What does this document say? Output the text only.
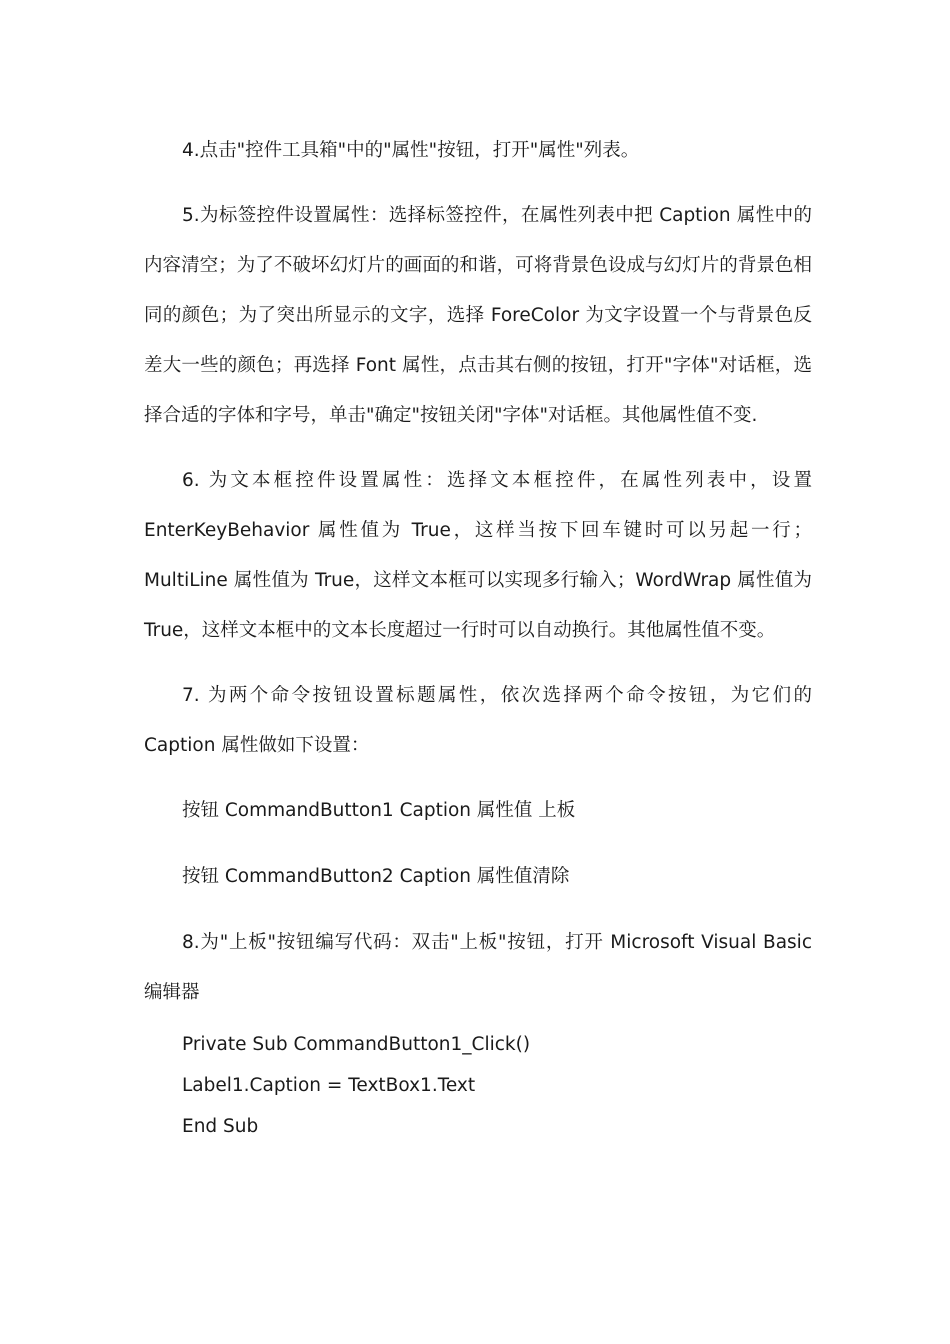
4.点击"控件工具箱"中的"属性"按钮，打开"属性"列表。

5.为标签控件设置属性：选择标签控件，在属性列表中把 Caption 属性中的内容清空；为了不破坏幻灯片的画面的和谐，可将背景色设成与幻灯片的背景色相同的颜色；为了突出所显示的文字，选择 ForeColor 为文字设置一个与背景色反差大一些的颜色；再选择 Font 属性，点击其右侧的按钮，打开"字体"对话框，选择合适的字体和字号，单击"确定"按钮关闭"字体"对话框。其他属性值不变.

6. 为文本框控件设置属性：选择文本框控件，在属性列表中，设置 EnterKeyBehavior 属性值为 True，这样当按下回车键时可以另起一行；MultiLine 属性值为 True，这样文本框可以实现多行输入；WordWrap 属性值为 True，这样文本框中的文本长度超过一行时可以自动换行。其他属性值不变。

7. 为两个命令按钮设置标题属性，依次选择两个命令按钮，为它们的 Caption 属性做如下设置：

按钮 CommandButton1 Caption 属性值 上板

按钮 CommandButton2 Caption 属性值清除

8.为"上板"按钮编写代码：双击"上板"按钮，打开 Microsoft Visual Basic 编辑器

Private Sub CommandButton1_Click()

Label1.Caption = TextBox1.Text

End Sub
